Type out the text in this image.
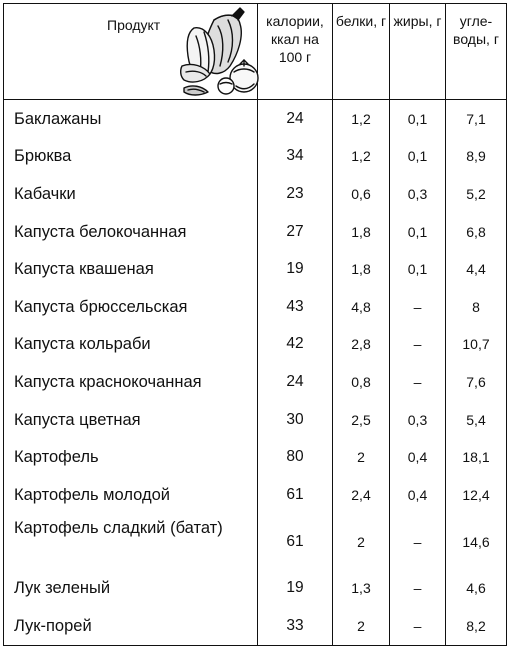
Продукт	калории, ккал на 100 г	белки, г	жиры, г	угле- воды, г
Баклажаны	24	1,2	0,1	7,1
Брюква	34	1,2	0,1	8,9
Кабачки	23	0,6	0,3	5,2
Капуста белокочанная	27	1,8	0,1	6,8
Капуста квашеная	19	1,8	0,1	4,4
Капуста брюссельская	43	4,8	–	8
Капуста кольраби	42	2,8	–	10,7
Капуста краснокочанная	24	0,8	–	7,6
Капуста цветная	30	2,5	0,3	5,4
Картофель	80	2	0,4	18,1
Картофель молодой	61	2,4	0,4	12,4
Картофель сладкий (батат)	61	2	–	14,6
Лук зеленый	19	1,3	–	4,6
Лук-порей	33	2	–	8,2
